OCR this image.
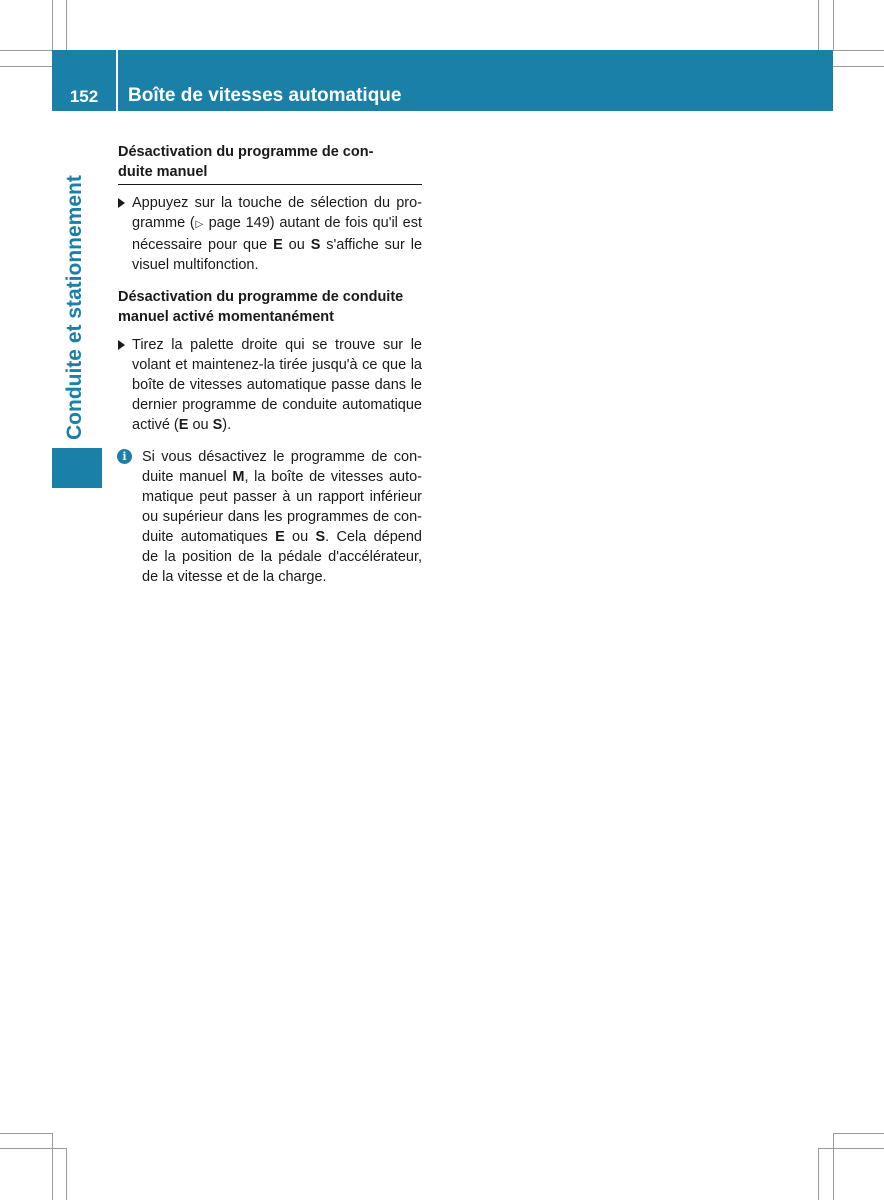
152	Boîte de vitesses automatique
Conduite et stationnement
Désactivation du programme de con-
duite manuel
Appuyez sur la touche de sélection du pro-gramme (▷ page 149) autant de fois qu'il est nécessaire pour que E ou S s'affiche sur le visuel multifonction.
Désactivation du programme de conduite
manuel activé momentanément
Tirez la palette droite qui se trouve sur le volant et maintenez-la tirée jusqu'à ce que la boîte de vitesses automatique passe dans le dernier programme de conduite automatique activé (E ou S).
i	Si vous désactivez le programme de con-duite manuel M, la boîte de vitesses auto-matique peut passer à un rapport inférieur ou supérieur dans les programmes de con-duite automatiques E ou S. Cela dépend de la position de la pédale d'accélérateur, de la vitesse et de la charge.
